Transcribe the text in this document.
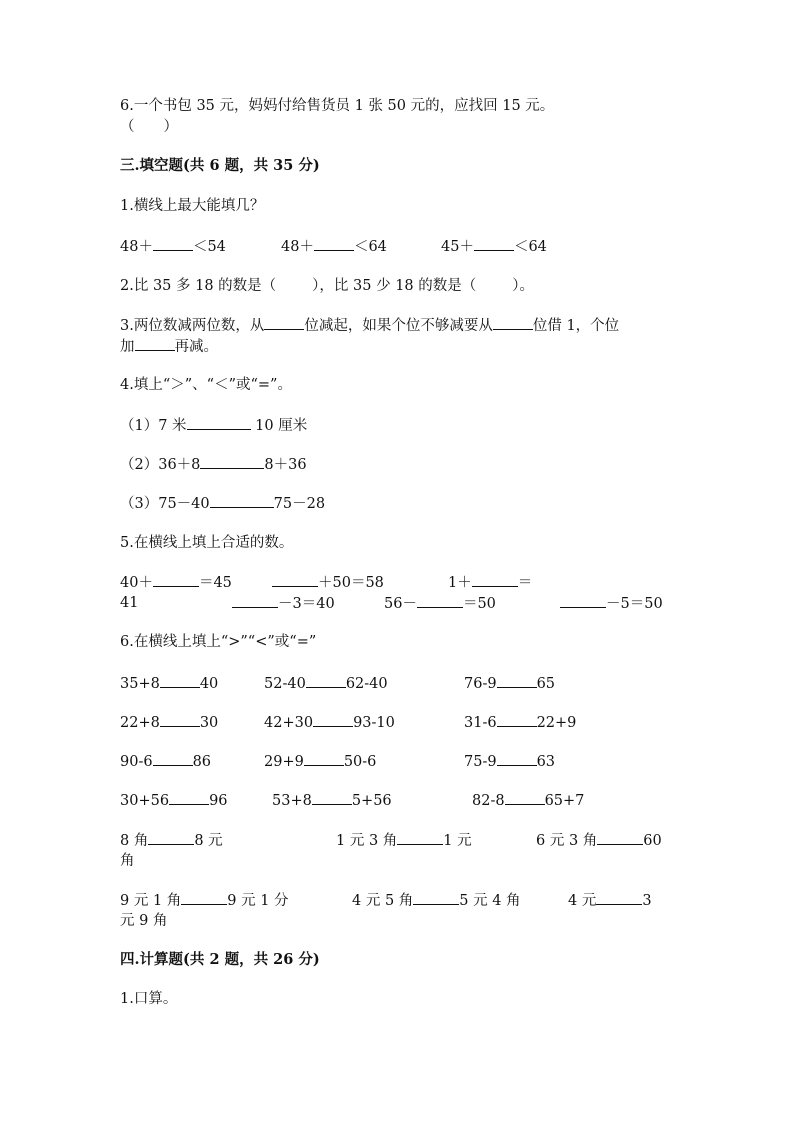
6.一个书包 35 元，妈妈付给售货员 1 张 50 元的，应找回 15 元。
（　　）
三.填空题(共 6 题，共 35 分)
1.横线上最大能填几？
48＋	＜54	48＋	＜64	45＋	＜64
2.比 35 多 18 的数是（ ），比 35 少 18 的数是（ ）。
3.两位数减两位数，从	位减起，如果个位不够减要从	位借 1，个位
加	再减。
4.填上“＞”、“＜”或“=”。
（1）7 米	10 厘米
（2）36＋8	8＋36
（3）75－40	75－28
5.在横线上填上合适的数。
40＋	＝45	＋50＝58	1＋	＝
41	－3＝40	56－	＝50	－5＝50
6.在横线上填上“>”“<”或“=”
35+8	40	52-40	62-40	76-9	65
22+8	30	42+30	93-10	31-6	22+9
90-6	86	29+9	50-6	75-9	63
30+56	96	53+8	5+56	82-8	65+7
8 角	8 元	1 元 3 角	1 元	6 元 3 角	60
角
9 元 1 角	9 元 1 分	4 元 5 角	5 元 4 角	4 元	3
元 9 角
四.计算题(共 2 题，共 26 分)
1.口算。
